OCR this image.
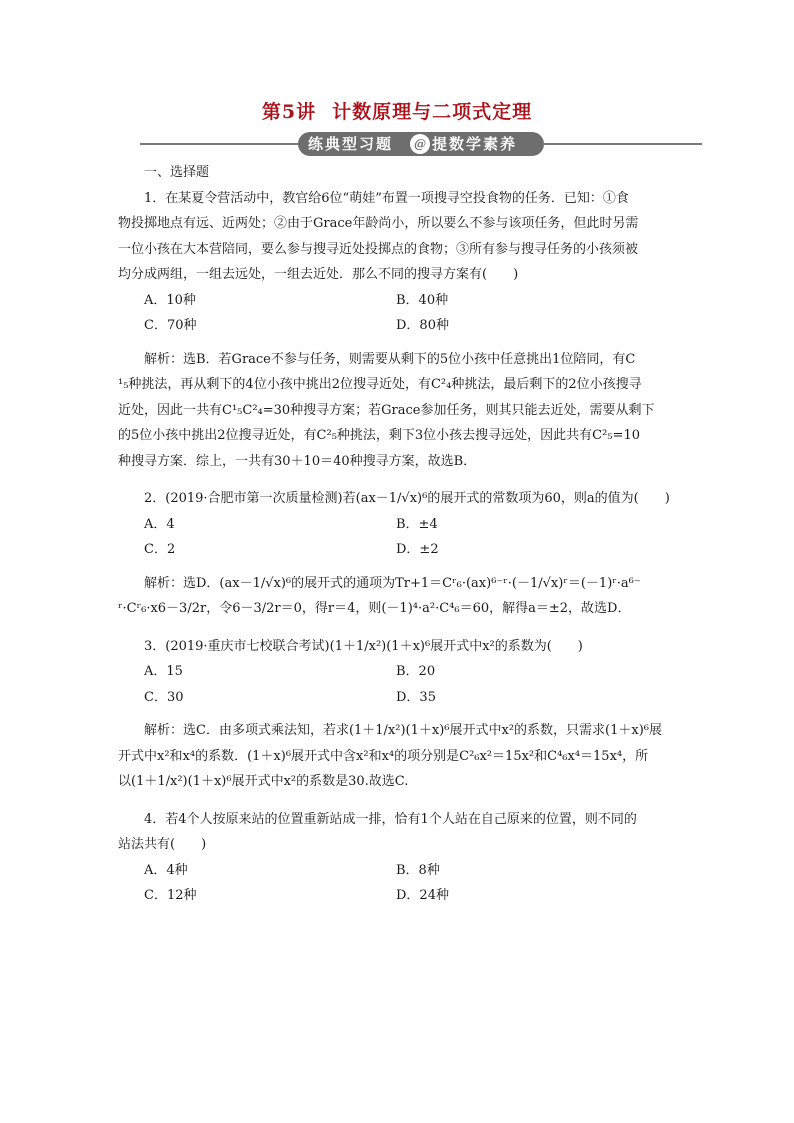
第5讲 计数原理与二项式定理
练典型习题	@ 提数学素养

一、选择题

1．在某夏令营活动中，教官给6位“萌娃”布置一项搜寻空投食物的任务．已知：①食

物投掷地点有远、近两处；②由于Grace年龄尚小，所以要么不参与该项任务，但此时另需

一位小孩在大本营陪同，要么参与搜寻近处投掷点的食物；③所有参与搜寻任务的小孩须被

均分成两组，一组去远处，一组去近处．那么不同的搜寻方案有(　　)

A．10种	B．40种
C．70种	D．80种

解析：选B．若Grace不参与任务，则需要从剩下的5位小孩中任意挑出1位陪同，有C

¹₅种挑法，再从剩下的4位小孩中挑出2位搜寻近处，有C²₄种挑法，最后剩下的2位小孩搜寻

近处，因此一共有C¹₅C²₄=30种搜寻方案；若Grace参加任务，则其只能去近处，需要从剩下

的5位小孩中挑出2位搜寻近处，有C²₅种挑法，剩下3位小孩去搜寻远处，因此共有C²₅=10

种搜寻方案．综上，一共有30＋10＝40种搜寻方案，故选B．

2．(2019·合肥市第一次质量检测)若(ax－1/√x)⁶的展开式的常数项为60，则a的值为(　　)

A．4	B．±4
C．2	D．±2

解析：选D．(ax－1/√x)⁶的展开式的通项为Tr+1＝Cʳ₆·(ax)⁶⁻ʳ·(－1/√x)ʳ＝(－1)ʳ·a⁶⁻

ʳ·Cʳ₆·x6－3/2r，令6－3/2r＝0，得r＝4，则(－1)⁴·a²·C⁴₆＝60，解得a＝±2，故选D．

3．(2019·重庆市七校联合考试)(1＋1/x²)(1＋x)⁶展开式中x²的系数为(　　)

A．15	B．20
C．30	D．35

解析：选C．由多项式乘法知，若求(1＋1/x²)(1＋x)⁶展开式中x²的系数，只需求(1＋x)⁶展

开式中x²和x⁴的系数．(1＋x)⁶展开式中含x²和x⁴的项分别是C²₆x²＝15x²和C⁴₆x⁴＝15x⁴，所

以(1＋1/x²)(1＋x)⁶展开式中x²的系数是30.故选C.

4．若4个人按原来站的位置重新站成一排，恰有1个人站在自己原来的位置，则不同的

站法共有(　　)

A．4种	B．8种
C．12种	D．24种
